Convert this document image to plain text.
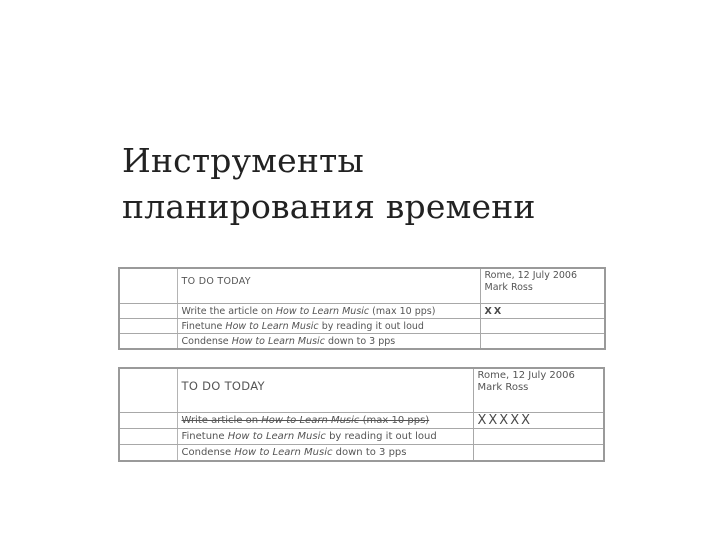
Инструменты
планирования времени
	TO DO TODAY	Rome, 12 July 2006
Mark Ross

	Write the article on How to Learn Music (max 10 pps)	XX
	Finetune How to Learn Music by reading it out loud	
	Condense How to Learn Music down to 3 pps	
	TO DO TODAY	Rome, 12 July 2006
Mark Ross

	Write article on How to Learn Music (max 10 pps)	XXXXX
	Finetune How to Learn Music by reading it out loud	
	Condense How to Learn Music down to 3 pps	
